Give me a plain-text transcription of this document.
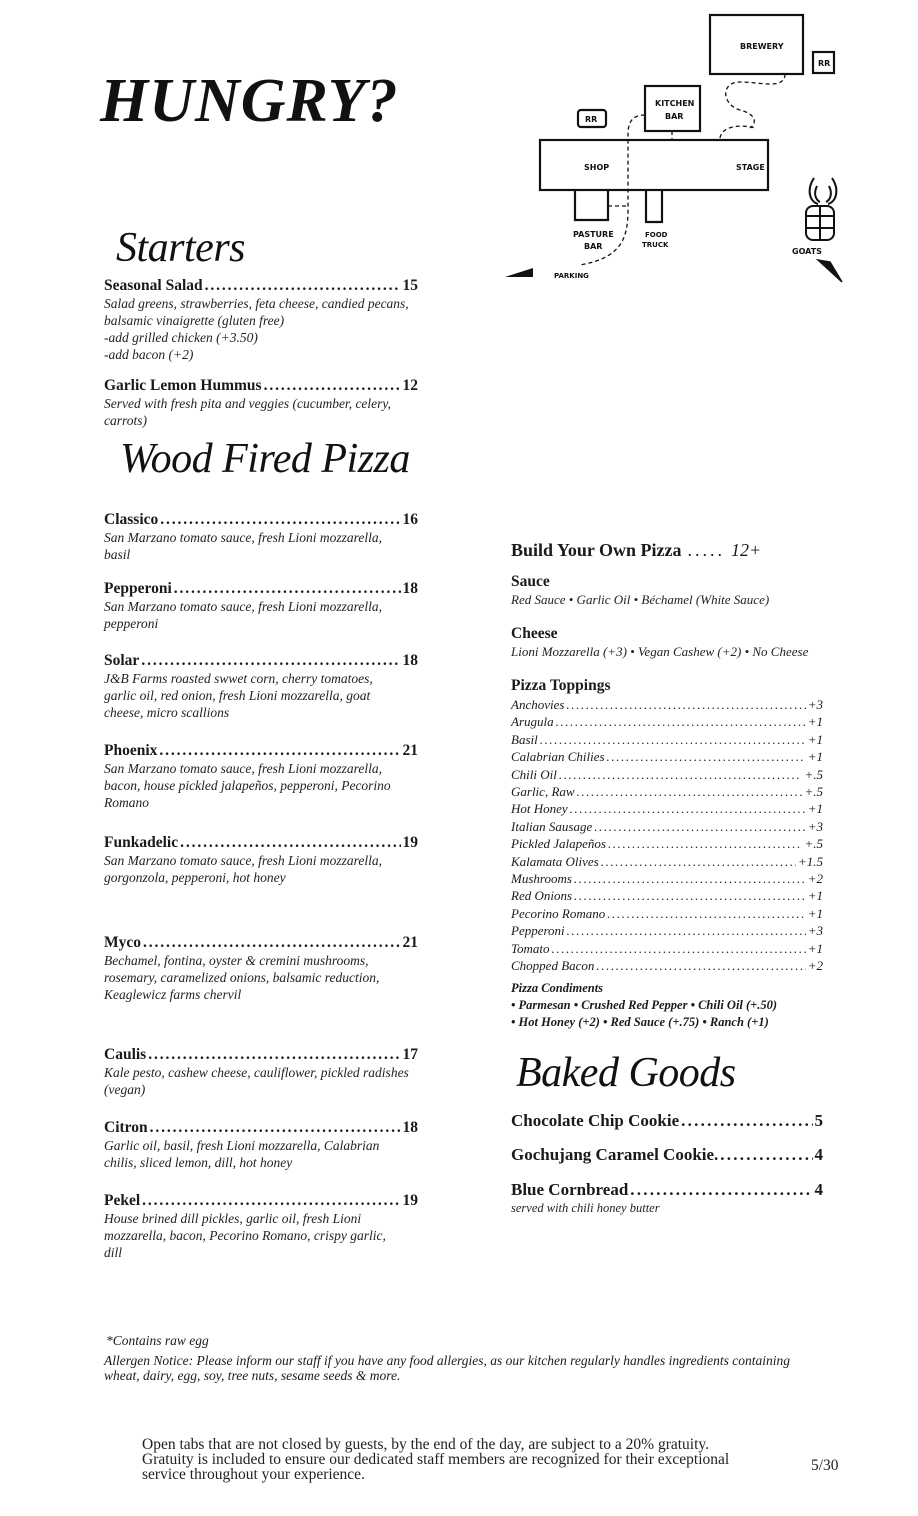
HUNGRY?
BREWERY
RR
RR
KITCHEN
BAR
SHOP	STAGE
PASTURE
BAR
FOOD
TRUCK
GOATS
PARKING
Starters
Seasonal Salad . . .	15

Salad greens, strawberries, feta cheese, candied pecans,
balsamic vinaigrette (gluten free)
-add grilled chicken (+3.50)
-add bacon (+2)

Garlic Lemon Hummus . . .	12

Served with fresh pita and veggies (cucumber, celery, carrots)

Wood Fired Pizza
Classico . . .	16

San Marzano tomato sauce, fresh Lioni mozzarella,
basil

Pepperoni . . .	18

San Marzano tomato sauce, fresh Lioni mozzarella,
pepperoni

Solar . . .	18

J&B Farms roasted swwet corn, cherry tomatoes,
garlic oil, red onion, fresh Lioni mozzarella, goat
cheese, micro scallions

Phoenix . . .	21

San Marzano tomato sauce, fresh Lioni mozzarella,
bacon, house pickled jalapeños, pepperoni, Pecorino
Romano

Funkadelic . . .	19

San Marzano tomato sauce, fresh Lioni mozzarella,
gorgonzola, pepperoni, hot honey

Myco . . .	21

Bechamel, fontina, oyster & cremini mushrooms,
rosemary, caramelized onions, balsamic reduction,
Keaglewicz farms chervil

Caulis . . .	17

Kale pesto, cashew cheese, cauliflower, pickled radishes
(vegan)

Citron . . .	18

Garlic oil, basil, fresh Lioni mozzarella, Calabrian
chilis, sliced lemon, dill, hot honey

Pekel . . .	19

House brined dill pickles, garlic oil, fresh Lioni
mozzarella, bacon, Pecorino Romano, crispy garlic,
dill

Build Your Own Pizza ..... 12+

Sauce

Red Sauce • Garlic Oil • Béchamel (White Sauce)

Cheese

Lioni Mozzarella (+3) • Vegan Cashew (+2) • No Cheese

Pizza Toppings

Anchovies .....	+3
Arugula .....	+1
Basil .....	+1
Calabrian Chilies .....	+1
Chili Oil .....	+.5
Garlic, Raw .....	+.5
Hot Honey .....	+1
Italian Sausage .....	+3
Pickled Jalapeños .....	+.5
Kalamata Olives .....	+1.5
Mushrooms .....	+2
Red Onions .....	+1
Pecorino Romano .....	+1
Pepperoni .....	+3
Tomato .....	+1
Chopped Bacon .....	+2

Pizza Condiments

• Parmesan • Crushed Red Pepper • Chili Oil (+.50)

• Hot Honey (+2) • Red Sauce (+.75) • Ranch (+1)

Baked Goods
Chocolate Chip Cookie . . .	5
Gochujang Caramel Cookie. . . .	4
Blue Cornbread . . .	4

served with chili honey butter

*Contains raw egg
Allergen Notice: Please inform our staff if you have any food allergies, as our kitchen regularly handles ingredients containing
wheat, dairy, egg, soy, tree nuts, sesame seeds & more.
Open tabs that are not closed by guests, by the end of the day, are subject to a 20% gratuity.
Gratuity is included to ensure our dedicated staff members are recognized for their exceptional
service throughout your experience.
5/30
